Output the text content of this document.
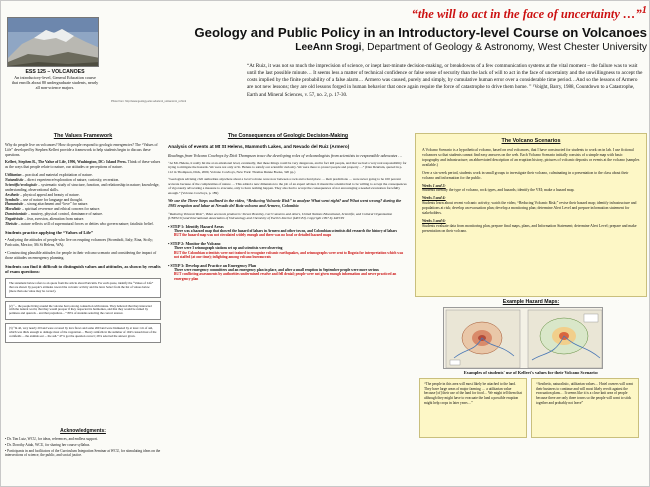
Photo from: http://www.geology.wisc.edu/smit_volcano/mt_st.html
ESS 125 – VOLCANOES
An introductory-level, General Education course that enrolls about 80 undergraduate students, nearly all non-science majors.
“the will to act in the face of uncertainty …”$^1$
Geology and Public Policy in an Introductory-level Course on Volcanoes
LeeAnn Srogi, Department of Geology & Astronomy, West Chester University
“At Ruiz, it was not so much the imprecision of science, or inept last-minute decision-making, or breakdowns of a few communication systems at the vital moment – the failure was to wait until the last possible minute… It seems less a matter of technical confidence or false sense of security than the lack of will to act in the face of uncertainty and the unwillingness to accept the costs implied by the finite probability of a false alarm… Armero was caused, purely and simply, by cumulative human error over a considerable time period…And so the lessons of Armero are not new lessons; they are old lessons forged in human behavior that once again require the force of catastrophe to drive them home. ” ¹Voight, Barry, 1988, Countdown to a Catastrophe, Earth and Mineral Sciences, v. 57, no. 2, p. 17-30.
The Values Framework
Why do people live on volcanoes? How do people respond to geologic emergencies? The “Values of Life” developed by Stephen Kellert provide a framework to help students begin to discuss these questions.
Kellert, Stephen R., The Value of Life, 1996, Washington, DC: Island Press. Think of these values as the ways that people relate to nature, our attitudes or perceptions of nature.
Utilitarian – practical and material exploitation of nature.
Naturalistic – direct experience/exploration of nature, curiosity, recreation.
Scientific/ecologistic – systematic study of structure, function, and relationship in nature; knowledge, understanding, observational skills.
Aesthetic – physical appeal and beauty of nature.
Symbolic – use of nature for language and thought.
Humanistic – strong attachment and “love” for nature.
Moralistic – spiritual reverence and ethical concern for nature.
Dominionistic – mastery, physical control, dominance of nature.
Negativistic – fear, aversion, alienation from nature.
Theistic – nature reflects will of supernatural forces or deities who govern nature; fatalistic belief.
Students practice applying the “Values of Life”
• Analyzing the attitudes of people who live on erupting volcanoes (Stromboli, Italy; Etna, Sicily; Parícutin, Mexico; Mt St Helens, WA).
• Constructing plausible attitudes for people in their volcano scenario and considering the impact of those attitudes on emergency planning.
Students can find it difficult to distinguish values and attitudes, as shown by results of exam questions:
The statement below refers to an quote from the article about Parícutin. For each quote, identify the “Values of Life” that are shown by people’s attitudes toward the volcanic activity and the land. Select from the list of values below (more than one value may be correct).
(2) “... the people living around the volcano had a strong connection with nature. They believed that they interacted with the natural world, that they would prosper if they respected its harmonies, and that they would be ruined by pettiness and quarrels – and that prejudices…” 80% of students selecting the correct answer.
(3) “In all, very nearly 20 land were covered by lava flows and some 260 land were blanketed by at least 1 m of ash, which was thick enough to damage most of the vegetation… Heavy rainfalls in the summer of 1943 caused most of the cornfields ... the animals eat ... the ash.” 47% got the question correct; 26% selected the answer given.
Acknowledgments:
• Dr. Tim Lutz, WCU, for ideas, references, and endless support.
• Dr. Dorothy Attah, WCU, for sharing her course syllabus.
• Participants in and facilitators of the Curriculum Integration Seminar at WCU, for stimulating ideas on the intersections of science, the public, and social justice.
The Consequences of Geologic Decision-Making
Analysis of events at Mt St Helens, Mammoth Lakes, and Nevado del Ruiz (Armero)
Readings from Volcano Cowboys by Dick Thompson trace the developing roles of volcanologists from scientists to responsible advocates …
“At Mt. Helens, it really hit me at an emotional level, eventually, that these things could be very dangerous, and in fact kill people, and that we had a very real responsibility for trying to mitigate the hazards. We were not only at St. Helens to satisfy our scientific curiosity. We were there to protect people and property …” (Dan Dzurisin, quoted in p. 112 in Thompson, Dick, 2000, Volcano Cowboys, New York: Thomas Dunne Books, 320 pp.)
“Geologists advising civil authorities anywhere about a local volcano were now between a rock and a hard place … their predictions … were never going to be 100 percent accurate because of the complexities of nature … This added a new dimension to the job of an expert adviser. It meant the scientist had to be willing to accept the consequences of vigorously advocating a measure to evacuate, only to have nothing happen. They also had to accept the consequences of not encouraging a needed evacuation forcefully enough.” (Volcano Cowboys, p. 189)
We use the Three Steps outlined in the video, “Reducing Volcanic Risk” to analyze What went right? and What went wrong? during the 1985 eruption and lahar at Nevado del Ruiz volcano and Armero, Colombia
“Reducing Volcanic Risk”, Video accounts producers: Steven Brantley, Carl Cameron and others, United Nations Educational, Scientific, and Cultural Organization (UNESCO) and International Association of Volcanology and Chemistry of Earth's Interior (IAVCEI). Copyright 1997 by IAVCEI
• STEP 1: Identify Hazard Areas
There was a hazard map that showed the hazard of lahars in Armero and other towns, and Colombian scientists did research the history of lahars
BUT the hazard map was not circulated widely enough and there was no local or detailed hazard maps
• STEP 2: Monitor the Volcano
There were 3 seismograph stations set up and scientists were observing
BUT the Colombian scientists were not trained to recognize volcanic earthquakes, and seismographs were sent to Bogota for interpretation which was not staffed (at one time); infighting among volcano bureaucrats
• STEP 3: Develop and Practice an Emergency Plan
There were emergency committees and an emergency plan in place, and after a small eruption in September people were more serious
BUT conflicting assessments by authorities undermined resolve and fell denial; people were not given enough information and never practiced an emergency plan
The Volcano Scenarios
A Volcano Scenario is a hypothetical volcano, based on real volcanoes, that I have constructed for students to work on in lab. I use fictional volcanoes so that students cannot find easy answers on the web. Each Volcano Scenario initially consists of a simple map with basic topography and infrastructure; an abbreviated description of an eruption history, pictures of volcanic deposits or events at the volcano (samples available.)
Over a six-week period, students work in small groups to investigate their volcano, culminating in a presentation to the class about their volcano and information for the public.
Weeks 1 and 2:
Students identify the type of volcano, rock types, and hazards; identify the VEI; make a hazard map.
Weeks 3 and 4:
Students learn about recent volcanic activity; watch the video, “Reducing Volcanic Risk;” revise their hazard map; identify infrastructure and populations at risk; develop an evacuation plan; develop a monitoring plan; determine Alert Level and prepare information statement for stakeholders.
Weeks 5 and 6:
Students evaluate data from monitoring plan, prepare final maps, plans, and Information Statement; determine Alert Level; prepare and make presentation on their volcano.
Example Hazard Maps:
Examples of students' use of Kellert's values for their Volcano Scenario:
“The people in this area will most likely be attached to the land. They have large areas of major farming … a utilitarian value because [of] their use of the land for food… We might tell them that although they might have to evacuate the land a possible eruption might help crops in later years…”
“Aesthetic, naturalistic, utilitarian values… Hotel owners will want their business to continue and will most likely revolt against the evacuation plans… It seems like it is a close knit area of people because there are only three towns so the people will want to stick together and probably not leave”
